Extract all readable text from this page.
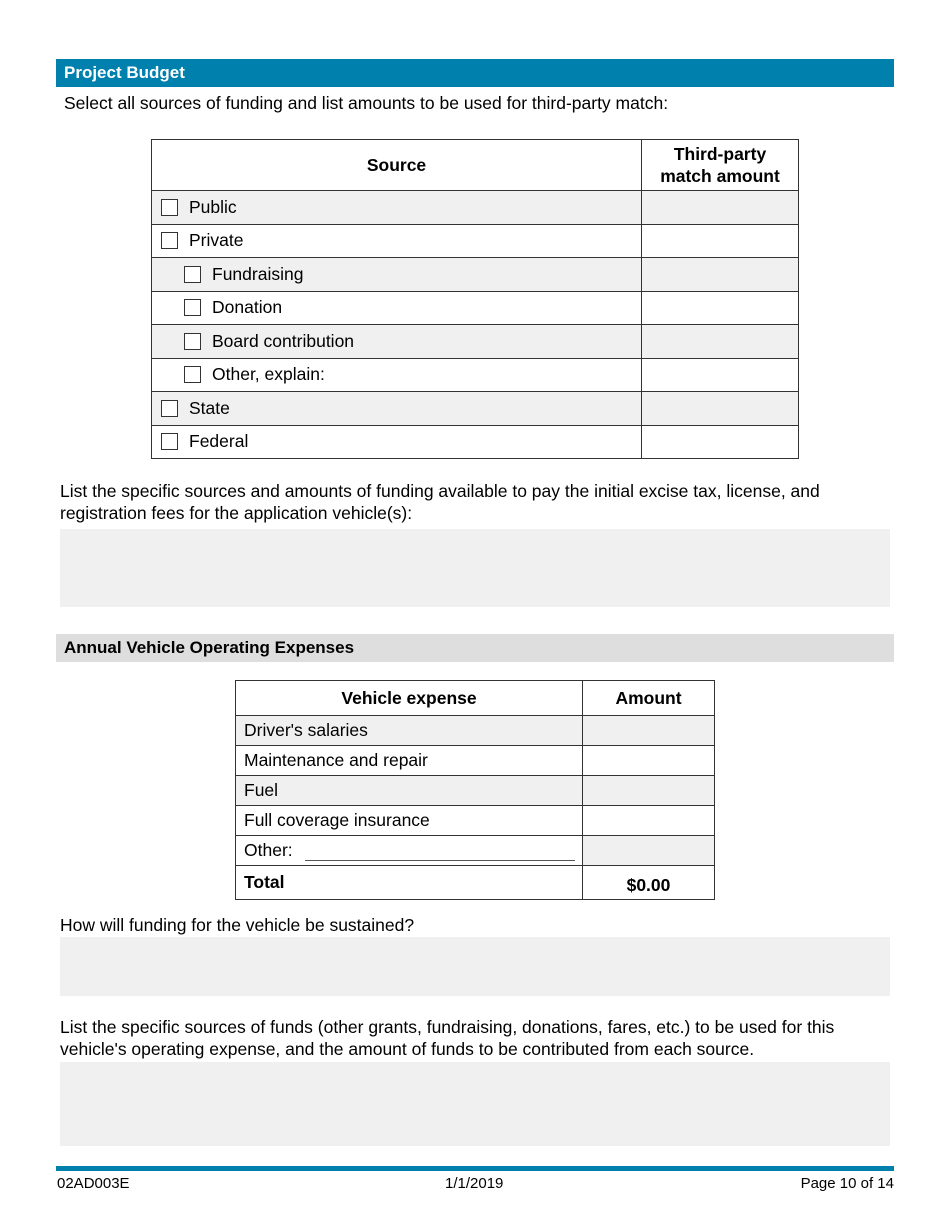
Project Budget
Select all sources of funding and list amounts to be used for third-party match:
Source	Third-party
match amount

Public	

Private	

Fundraising	

Donation	

Board contribution	

Other, explain:	

State	

Federal	

List the specific sources and amounts of funding available to pay the initial excise tax, license, and registration fees for the application vehicle(s):
Annual Vehicle Operating Expenses
Vehicle expense	Amount
Driver's salaries	
Maintenance and repair	
Fuel	
Full coverage insurance	
Other:	
Total	$0.00
How will funding for the vehicle be sustained?
List the specific sources of funds (other grants, fundraising, donations, fares, etc.) to be used for this vehicle's operating expense, and the amount of funds to be contributed from each source.
02AD003E	1/1/2019	Page 10 of 14
